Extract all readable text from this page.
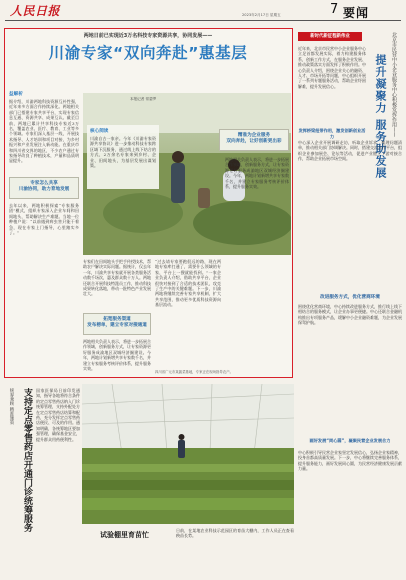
人民日报	2023年2月17日 星期五	7 要闻
两地日前已实现近3万名科技专家资源共享，协同发展——
川渝专家“双向奔赴”惠基层
益解析
据介绍，川渝两地科技资源互补性强，近年来多方面合作持续深化。两地相关部门已搭建专家共享平台，实现专家信息互通、资源共享、成果互认。截至目前，两地已累计共享科技专家近3万名，覆盖农业、医疗、教育、工业等多个领域。专家们深入基层一线，开展技术指导、人才培训和项目对接，为乡村振兴和产业发展注入新动能。在重庆市和四川省交界的地区，不少农户通过专家指导改良了种植技术，产量和品质明显提升。
专家怎么共享
川渝协同，助力育地发展
去年以来，两地积极探索“专家服务团”模式，组织专家深入企业车间和田间地头，帮助解决生产难题。当地一位种植户说：“以前遇到病虫害只能干着急，现在专家上门指导，心里踏实多了。”
核心阅读
川渝自古一家亲。今年《川渝专家资源共享协议》进一步推动科技专家跨区域下沉服务，通过线上线下结合的方式，2万余名专家来到乡村、企业、田间地头，为基层发展出谋划策。
本报记者 常碧罗
精准为企业服务
双向奔赴，让好创新更出彩
专家们在田间地头手把手传授技术，帮助农户解决实际问题。据统计，仅去年一年，川渝共享专家就开展各类服务活动数千场次，惠及群众数十万人。两地还联合开展科技特派员工作，推动科技成果转化落地，带动一批特色产业发展壮大。
拓宽服务渠道
发布榜单，建立专家对接通道
两地相关负责人表示，将进一步拓展合作领域，创新服务方式，让专家资源更好服务成渝地区双城经济圈建设。今年，两地计划新增共享专家数千名，并建立专家服务考核评价体系，提升服务实效。
“过去请专家要跑很远的路，现在两地专家库打通了，需要什么领域的专家，平台上一搜就能找到。”一家企业负责人介绍，借助共享平台，企业很快对接到了合适的技术团队，攻克了生产中的关键难题。下一步，川渝两地将继续完善专家共享机制，扩大共享范围，推动更多优质科技资源向基层流动。
两地相关负责人表示，将进一步拓展合作领域，创新服务方式，让专家资源更好服务成渝地区双城经济圈建设。今年，两地计划新增共享专家数千名，并建立专家服务考核评价体系，提升服务实效。
四川省广元市某蔬菜基地，专家正在现场指导农户。
新时代新征程新伟业	北京市民营中小企业服务中心积极发挥作用——
提升凝聚力 服务助发展
近年来，北京市民营中小企业服务中心立足首都发展实际，着力构建服务体系，创新工作方式，在服务企业发展、推动政策落实方面发挥了积极作用。中心负责人介绍，围绕企业关心的融资、人才、市场开拓等问题，中心组织开展了一系列专题服务活动，帮助企业纾困解难，提升发展信心。
发挥桥梁纽带作用，激发创新创业活力
中心深入企业开展调研走访，听取企业诉求，梳理问题清单，推动相关部门协调解决。同时，搭建交流合作平台，组织企业参加展会、论坛等活动，促进产业链上下游对接合作，帮助企业拓展市场空间。
改进服务方式，优化营商环境
围绕优化营商环境，中心持续改进服务方式，推行线上线下相结合的服务模式，让企业办事更便捷。中心还联合金融机构推出专项服务产品，缓解中小企业融资难题，为企业发展保驾护航。
画好发展“同心圆”，凝聚民营企业发展合力
中心积极引导民营企业家坚定发展信心，弘扬企业家精神，投身首都高质量发展。下一步，中心将继续完善服务体系，提升服务能力，画好发展同心圆，为民营经济健康发展贡献力量。
统筹兼顾 精准施策 支持定点零售药店开通门诊统筹服务 国家医保局日前印发通知，指导各地将符合条件的定点零售药店纳入门诊统筹管理，支持外配处方在定点零售药店结算和配药，充分发挥定点零售药店便民、可及的作用。通知明确，各统筹地区要加强管理，确保基金安全，提升群众用药便利性。
试验棚里育苗忙
日前，在某地农业科技示范园区的育苗大棚内，工作人员正在查看秧苗长势。
